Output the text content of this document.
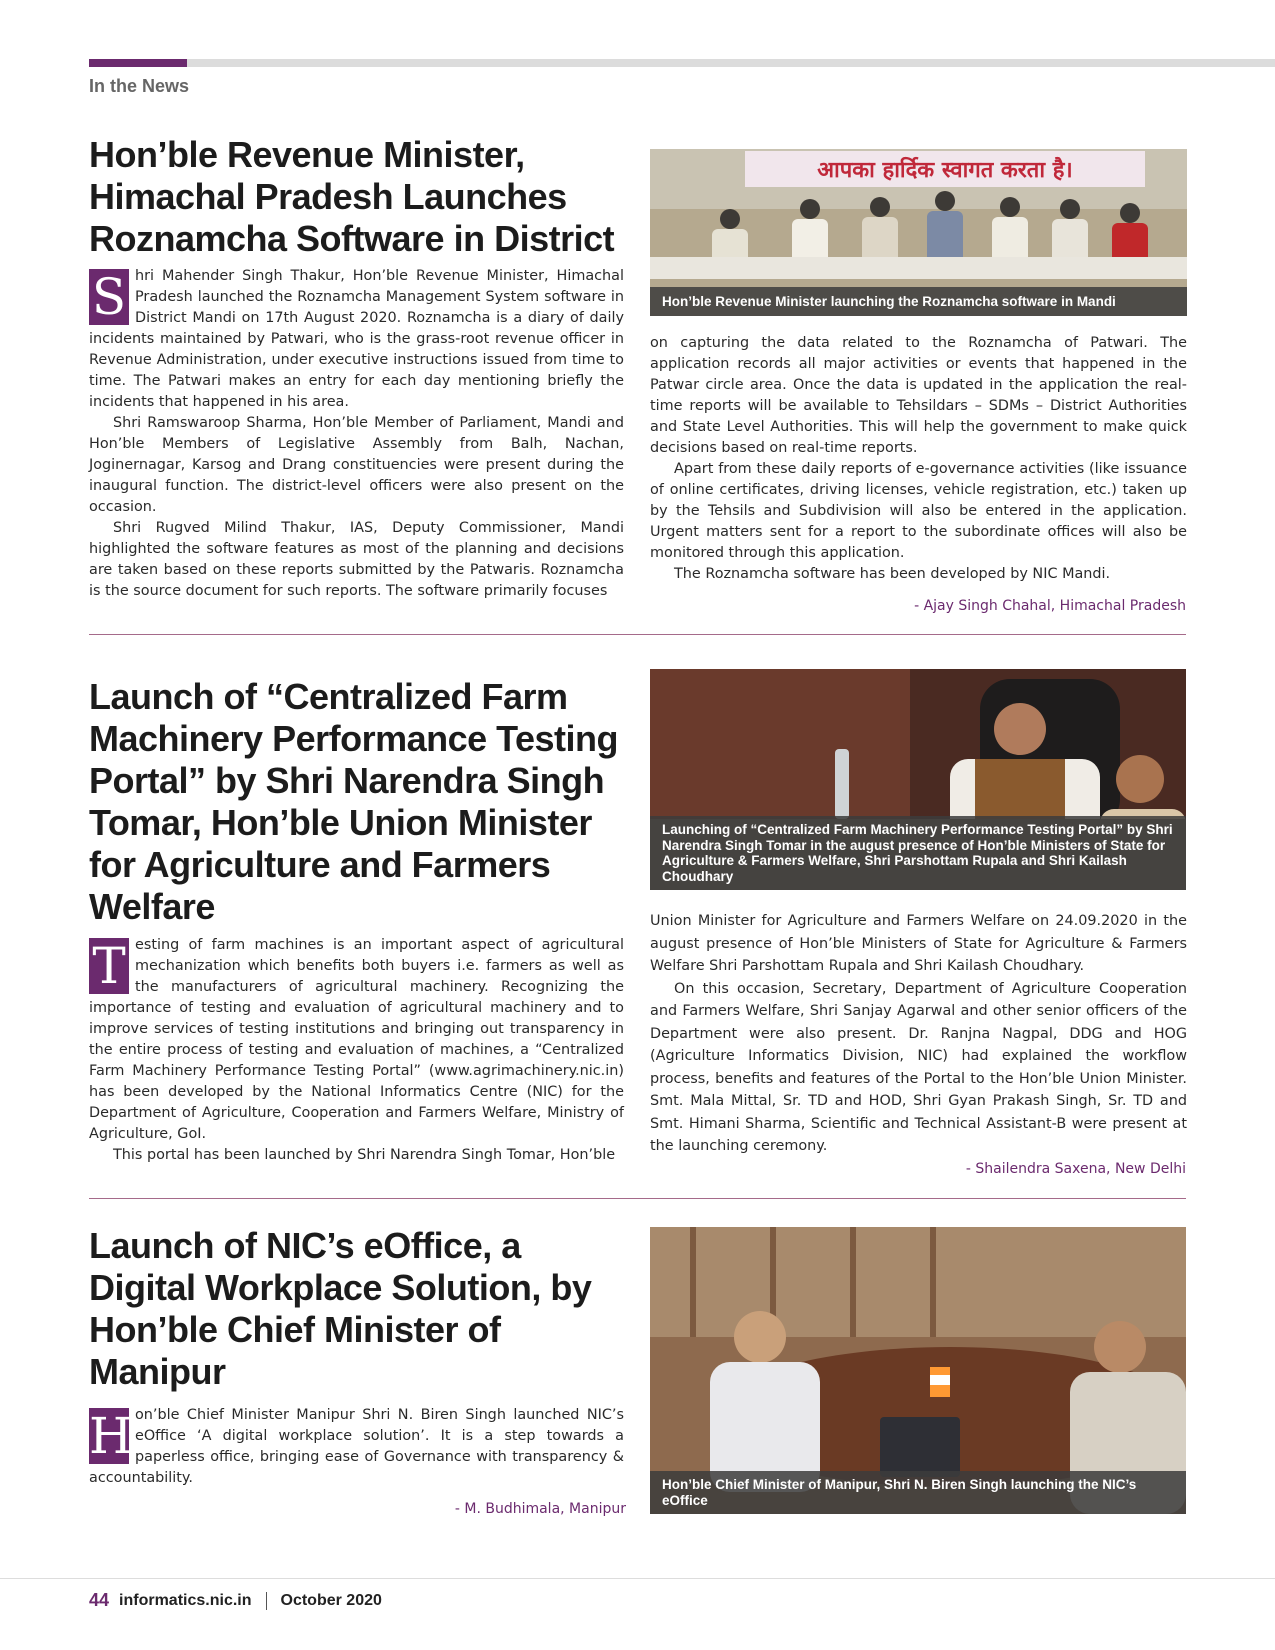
In the News
Hon’ble Revenue Minister, Himachal Pradesh Launches Roznamcha Software in District

S hri Mahender Singh Thakur, Hon’ble Revenue Minister, Himachal Pradesh launched the Roznamcha Management System software in District Mandi on 17th August 2020. Roznamcha is a diary of daily incidents maintained by Patwari, who is the grass-root revenue officer in Revenue Administration, under executive instructions issued from time to time. The Patwari makes an entry for each day mentioning briefly the incidents that happened in his area.

Shri Ramswaroop Sharma, Hon’ble Member of Parliament, Mandi and Hon’ble Members of Legislative Assembly from Balh, Nachan, Joginernagar, Karsog and Drang constituencies were present during the inaugural function. The district-level officers were also present on the occasion.

Shri Rugved Milind Thakur, IAS, Deputy Commissioner, Mandi highlighted the software features as most of the planning and decisions are taken based on these reports submitted by the Patwaris. Roznamcha is the source document for such reports. The software primarily focuses

आपका हार्दिक स्वागत करता है।
Hon’ble Revenue Minister launching the Roznamcha software in Mandi

on capturing the data related to the Roznamcha of Patwari. The application records all major activities or events that happened in the Patwar circle area. Once the data is updated in the application the real-time reports will be available to Tehsildars – SDMs – District Authorities and State Level Authorities. This will help the government to make quick decisions based on real-time reports.

Apart from these daily reports of e-governance activities (like issuance of online certificates, driving licenses, vehicle registration, etc.) taken up by the Tehsils and Subdivision will also be entered in the application. Urgent matters sent for a report to the subordinate offices will also be monitored through this application.

The Roznamcha software has been developed by NIC Mandi.

- Ajay Singh Chahal, Himachal Pradesh
Launch of “Centralized Farm Machinery Performance Testing Portal” by Shri Narendra Singh Tomar, Hon’ble Union Minister for Agriculture and Farmers Welfare

T esting of farm machines is an important aspect of agricultural mechanization which benefits both buyers i.e. farmers as well as the manufacturers of agricultural machinery. Recognizing the importance of testing and evaluation of agricultural machinery and to improve services of testing institutions and bringing out transparency in the entire process of testing and evaluation of machines, a “Centralized Farm Machinery Performance Testing Portal” (www.agrimachinery.nic.in) has been developed by the National Informatics Centre (NIC) for the Department of Agriculture, Cooperation and Farmers Welfare, Ministry of Agriculture, GoI.

This portal has been launched by Shri Narendra Singh Tomar, Hon’ble

Launching of “Centralized Farm Machinery Performance Testing Portal” by Shri Narendra Singh Tomar in the august presence of Hon’ble Ministers of State for Agriculture & Farmers Welfare, Shri Parshottam Rupala and Shri Kailash Choudhary

Union Minister for Agriculture and Farmers Welfare on 24.09.2020 in the august presence of Hon’ble Ministers of State for Agriculture & Farmers Welfare Shri Parshottam Rupala and Shri Kailash Choudhary.

On this occasion, Secretary, Department of Agriculture Cooperation and Farmers Welfare, Shri Sanjay Agarwal and other senior officers of the Department were also present. Dr. Ranjna Nagpal, DDG and HOG (Agriculture Informatics Division, NIC) had explained the workflow process, benefits and features of the Portal to the Hon’ble Union Minister. Smt. Mala Mittal, Sr. TD and HOD, Shri Gyan Prakash Singh, Sr. TD and Smt. Himani Sharma, Scientific and Technical Assistant-B were present at the launching ceremony.

- Shailendra Saxena, New Delhi
Launch of NIC’s eOffice, a Digital Workplace Solution, by Hon’ble Chief Minister of Manipur

H on’ble Chief Minister Manipur Shri N. Biren Singh launched NIC’s eOffice ‘A digital workplace solution’. It is a step towards a paperless office, bringing ease of Governance with transparency & accountability.

- M. Budhimala, Manipur
Hon’ble Chief Minister of Manipur, Shri N. Biren Singh launching the NIC’s eOffice
44 informatics.nic.in October 2020
